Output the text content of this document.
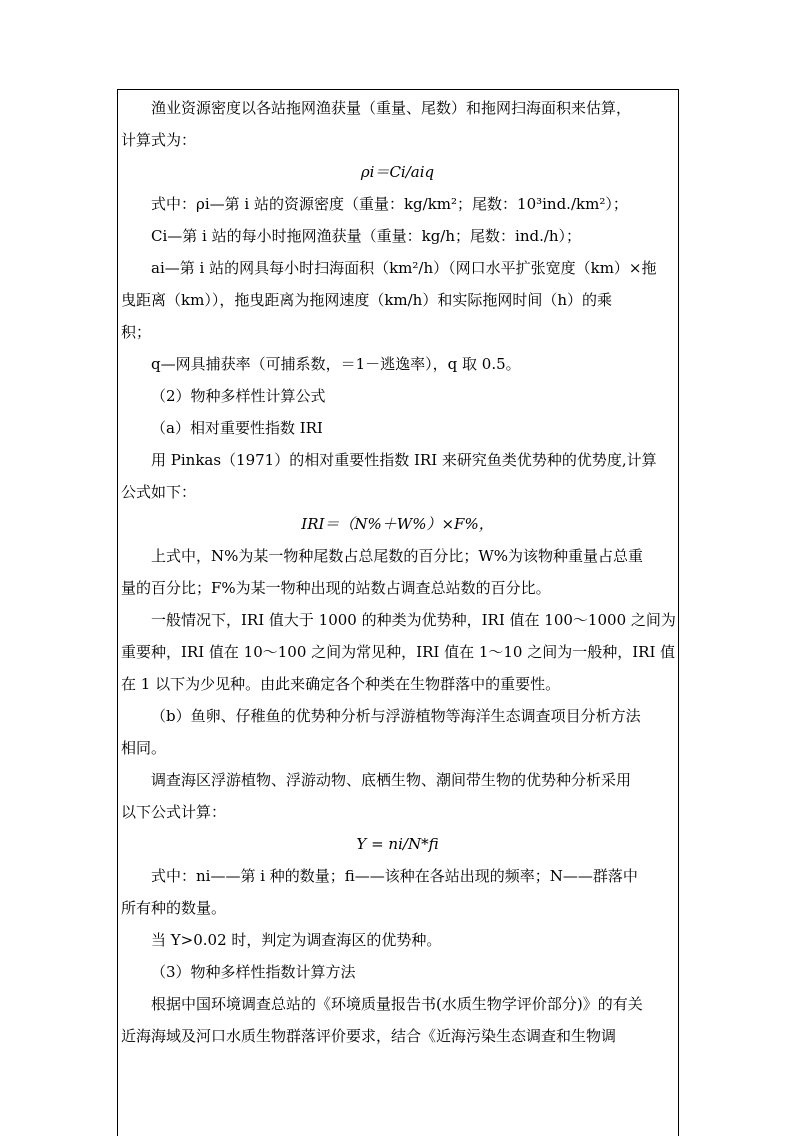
渔业资源密度以各站拖网渔获量（重量、尾数）和拖网扫海面积来估算，

计算式为：

ρi＝Ci/aiq

式中：ρi—第 i 站的资源密度（重量：kg/km²；尾数：10³ind./km²）；

Ci—第 i 站的每小时拖网渔获量（重量：kg/h；尾数：ind./h）；

ai—第 i 站的网具每小时扫海面积（km²/h）（网口水平扩张宽度（km）×拖

曳距离（km）），拖曳距离为拖网速度（km/h）和实际拖网时间（h）的乘

积；

q—网具捕获率（可捕系数，＝1－逃逸率），q 取 0.5。

（2）物种多样性计算公式

（a）相对重要性指数 IRI

用 Pinkas（1971）的相对重要性指数 IRI 来研究鱼类优势种的优势度,计算

公式如下：

IRI＝（N%＋W%）×F%，

上式中，N%为某一物种尾数占总尾数的百分比；W%为该物种重量占总重

量的百分比；F%为某一物种出现的站数占调查总站数的百分比。

一般情况下，IRI 值大于 1000 的种类为优势种，IRI 值在 100～1000 之间为

重要种，IRI 值在 10～100 之间为常见种，IRI 值在 1～10 之间为一般种，IRI 值

在 1 以下为少见种。由此来确定各个种类在生物群落中的重要性。

（b）鱼卵、仔稚鱼的优势种分析与浮游植物等海洋生态调查项目分析方法

相同。

调查海区浮游植物、浮游动物、底栖生物、潮间带生物的优势种分析采用

以下公式计算：

Y = ni/N*fi

式中：ni——第 i 种的数量；fi——该种在各站出现的频率；N——群落中

所有种的数量。

当 Y>0.02 时，判定为调查海区的优势种。

（3）物种多样性指数计算方法

根据中国环境调查总站的《环境质量报告书(水质生物学评价部分)》的有关

近海海域及河口水质生物群落评价要求，结合《近海污染生态调查和生物调
